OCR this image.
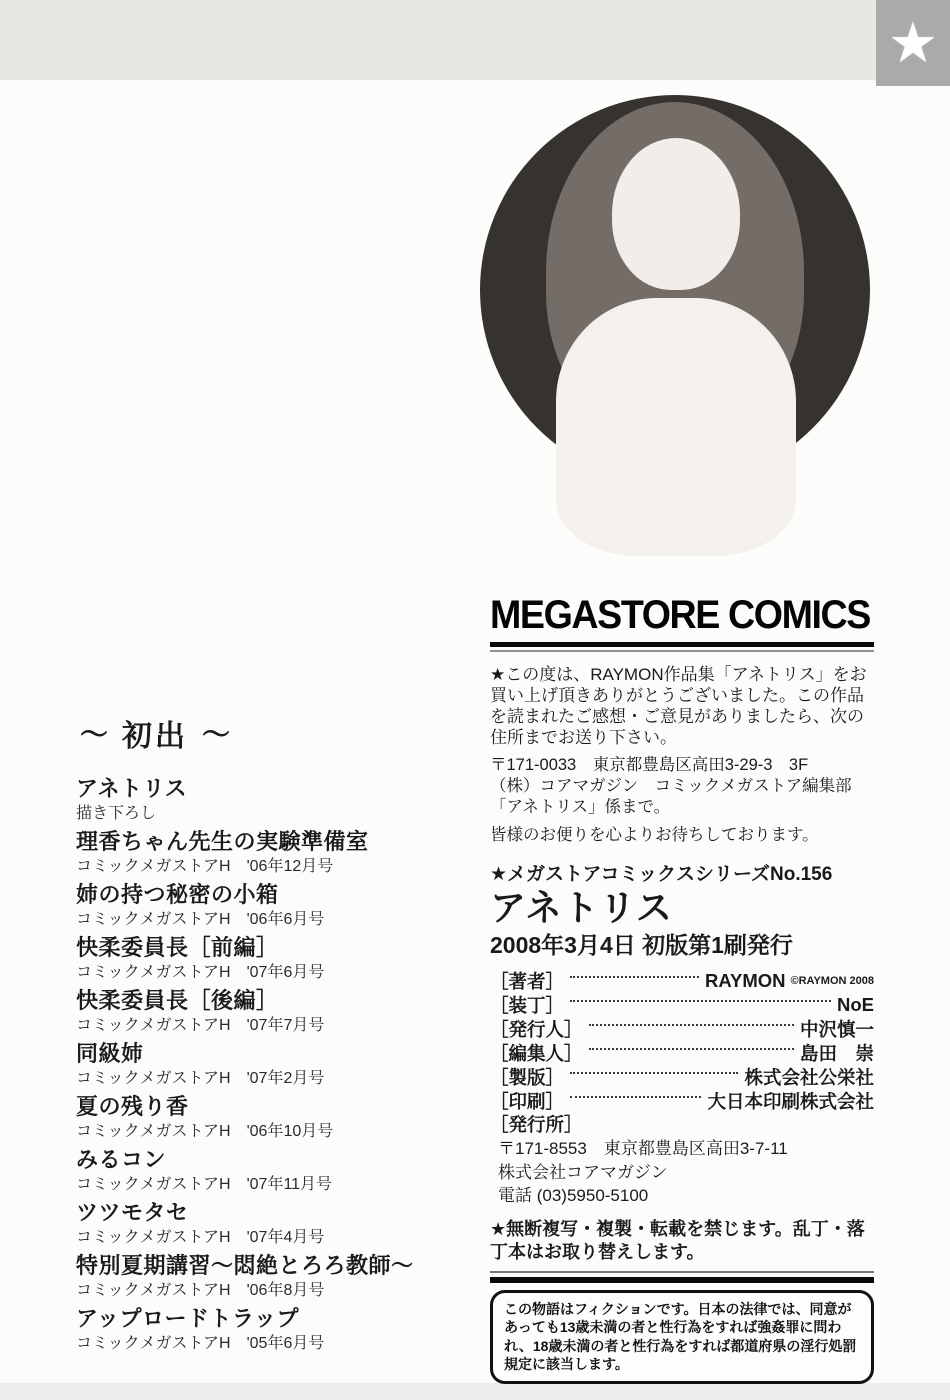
★
〜 初出 〜
アネトリス
描き下ろし
理香ちゃん先生の実験準備室
コミックメガストアH　'06年12月号
姉の持つ秘密の小箱
コミックメガストアH　'06年6月号
快柔委員長［前編］
コミックメガストアH　'07年6月号
快柔委員長［後編］
コミックメガストアH　'07年7月号
同級姉
コミックメガストアH　'07年2月号
夏の残り香
コミックメガストアH　'06年10月号
みるコン
コミックメガストアH　'07年11月号
ツツモタセ
コミックメガストアH　'07年4月号
特別夏期講習〜悶絶とろろ教師〜
コミックメガストアH　'06年8月号
アップロードトラップ
コミックメガストアH　'05年6月号
MEGASTORE COMICS
★この度は、RAYMON作品集「アネトリス」をお買い上げ頂きありがとうございました。この作品を読まれたご感想・ご意見がありましたら、次の住所までお送り下さい。
〒171-0033　東京都豊島区高田3-29-3　3F
（株）コアマガジン　コミックメガストア編集部
「アネトリス」係まで。
皆様のお便りを心よりお待ちしております。
★メガストアコミックスシリーズNo.156
アネトリス
2008年3月4日 初版第1刷発行
［著者］	RAYMON ©RAYMON 2008
［装丁］	NoE
［発行人］	中沢慎一
［編集人］	島田　崇
［製版］	株式会社公栄社
［印刷］	大日本印刷株式会社
［発行所］
〒171-8553　東京都豊島区高田3-7-11
株式会社コアマガジン
電話 (03)5950-5100
★無断複写・複製・転載を禁じます。乱丁・落丁本はお取り替えします。
この物語はフィクションです。日本の法律では、同意があっても13歳未満の者と性行為をすれば強姦罪に問われ、18歳未満の者と性行為をすれば都道府県の淫行処罰規定に該当します。
